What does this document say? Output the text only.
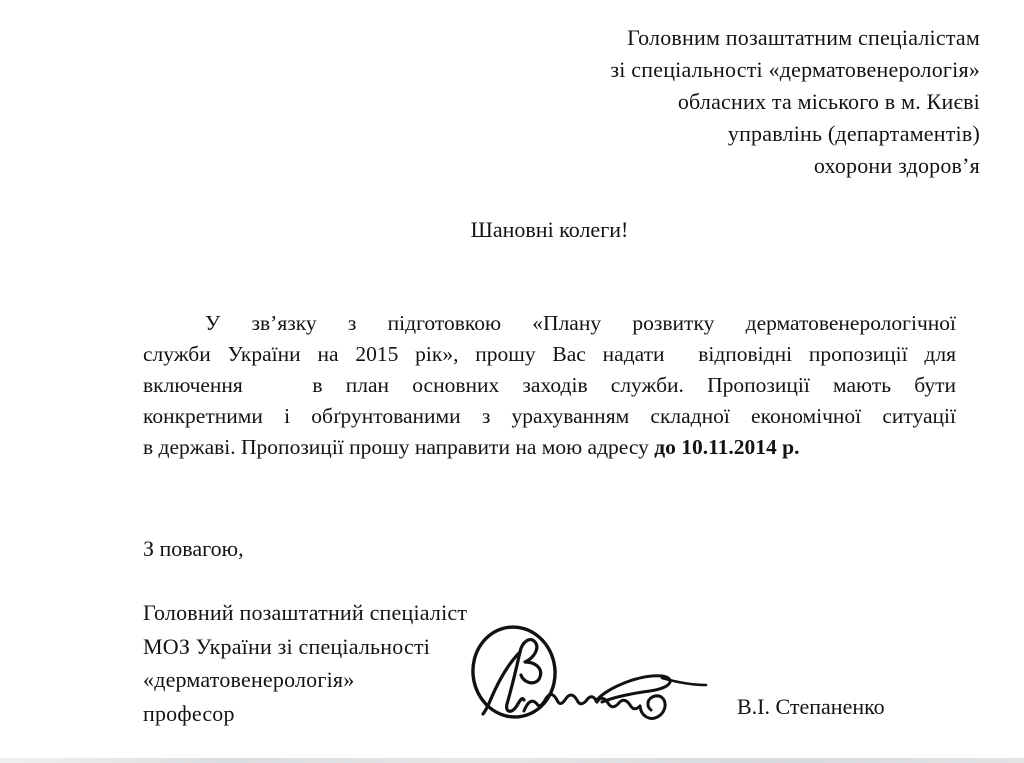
Головним позаштатним спеціалістам
зі спеціальності «дерматовенерологія»
обласних та міського в м. Києві
управлінь (департаментів)
охорони здоров’я
Шановні колеги!
У зв’язку з підготовкою «Плану розвитку дерматовенерологічної
служби України на 2015 рік», прошу Вас надати  відповідні пропозиції для
включення   в план основних заходів служби. Пропозиції мають бути
конкретними і обґрунтованими з урахуванням складної економічної ситуації
в державі. Пропозиції прошу направити на мою адресу до 10.11.2014 р.
З повагою,
Головний позаштатний спеціаліст
МОЗ України зі спеціальності
«дерматовенерологія»
професор	В.І. Степаненко
